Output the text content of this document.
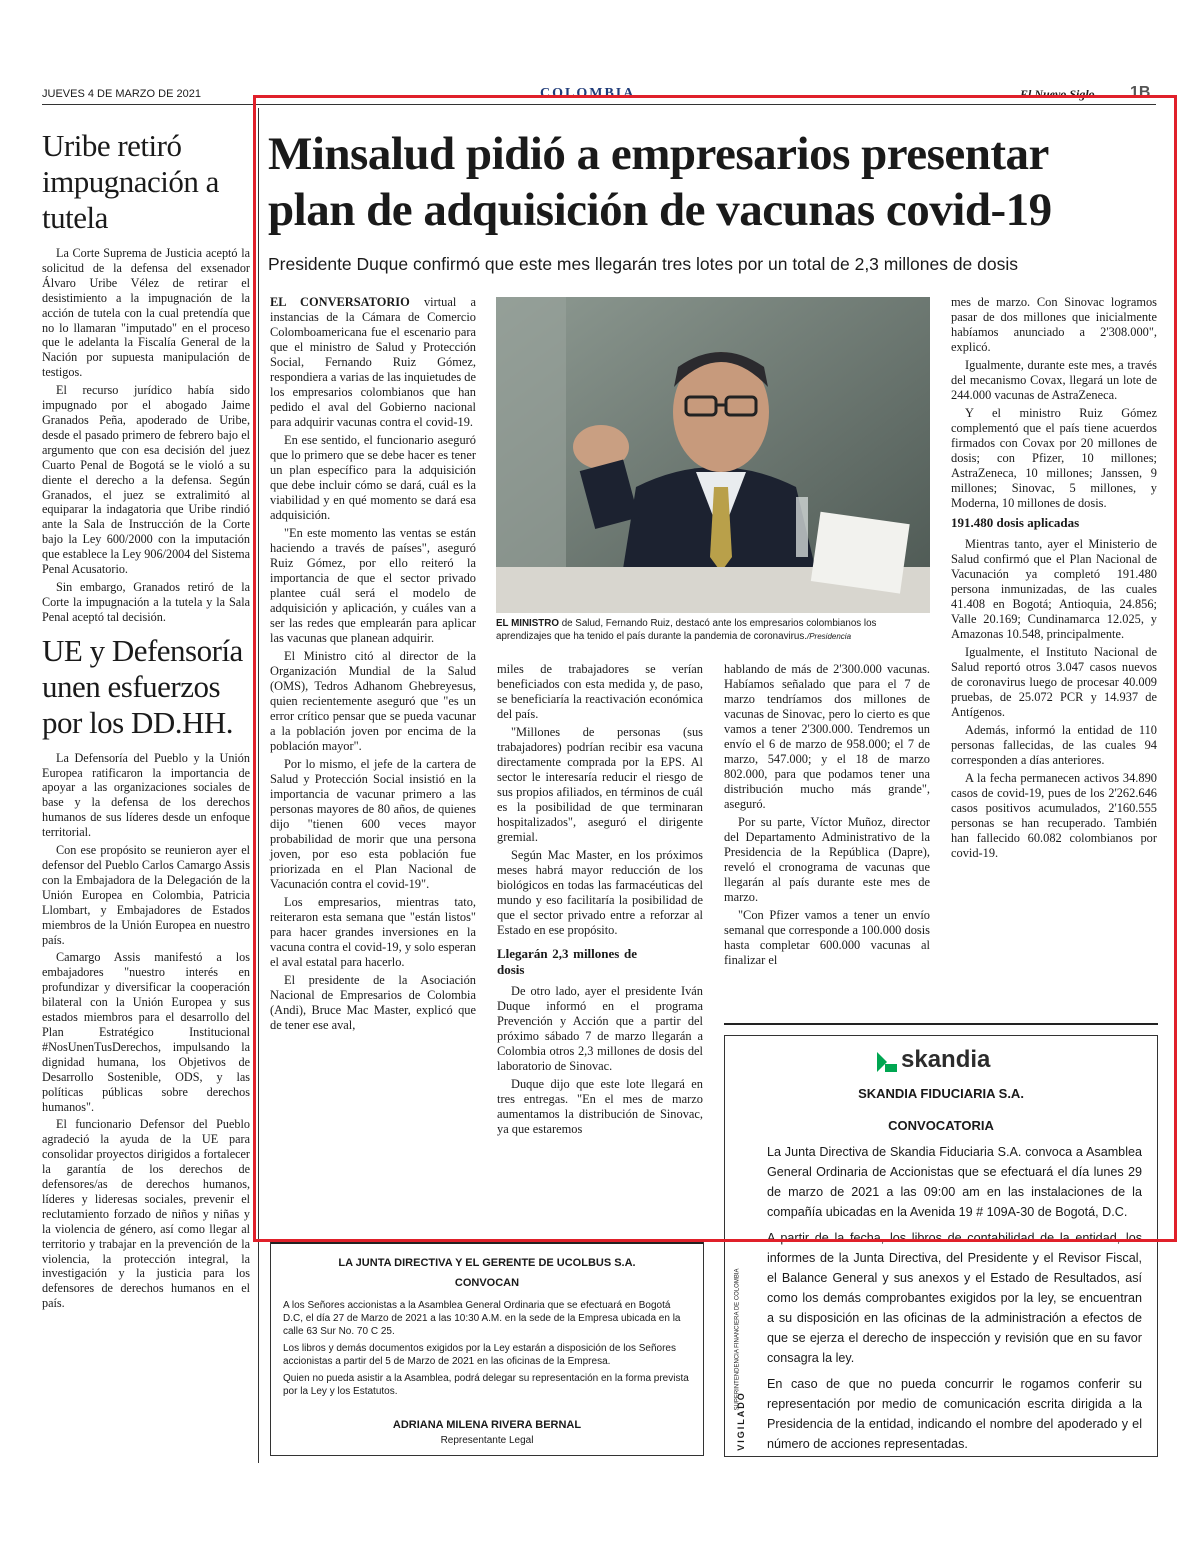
JUEVES 4 DE MARZO DE 2021	COLOMBIA	El Nuevo Siglo 1B
Uribe retiró impugnación a tutela

La Corte Suprema de Justicia aceptó la solicitud de la defensa del exsenador Álvaro Uribe Vélez de retirar el desistimiento a la impugnación de la acción de tutela con la cual pretendía que no lo llamaran "imputado" en el proceso que le adelanta la Fiscalía General de la Nación por supuesta manipulación de testigos.

El recurso jurídico había sido impugnado por el abogado Jaime Granados Peña, apoderado de Uribe, desde el pasado primero de febrero bajo el argumento que con esa decisión del juez Cuarto Penal de Bogotá se le violó a su diente el derecho a la defensa. Según Granados, el juez se extralimitó al equiparar la indagatoria que Uribe rindió ante la Sala de Instrucción de la Corte bajo la Ley 600/2000 con la imputación que establece la Ley 906/2004 del Sistema Penal Acusatorio.

Sin embargo, Granados retiró de la Corte la impugnación a la tutela y la Sala Penal aceptó tal decisión.

UE y Defensoría unen esfuerzos por los DD.HH.

La Defensoría del Pueblo y la Unión Europea ratificaron la importancia de apoyar a las organizaciones sociales de base y la defensa de los derechos humanos de sus líderes desde un enfoque territorial.

Con ese propósito se reunieron ayer el defensor del Pueblo Carlos Camargo Assis con la Embajadora de la Delegación de la Unión Europea en Colombia, Patricia Llombart, y Embajadores de Estados miembros de la Unión Europea en nuestro país.

Camargo Assis manifestó a los embajadores "nuestro interés en profundizar y diversificar la cooperación bilateral con la Unión Europea y sus estados miembros para el desarrollo del Plan Estratégico Institucional #NosUnenTusDerechos, impulsando la dignidad humana, los Objetivos de Desarrollo Sostenible, ODS, y las políticas públicas sobre derechos humanos".

El funcionario Defensor del Pueblo agradeció la ayuda de la UE para consolidar proyectos dirigidos a fortalecer la garantía de los derechos de defensores/as de derechos humanos, líderes y lideresas sociales, prevenir el reclutamiento forzado de niños y niñas y la violencia de género, así como llegar al territorio y trabajar en la prevención de la violencia, la protección integral, la investigación y la justicia para los defensores de derechos humanos en el país.

Minsalud pidió a empresarios presentar
plan de adquisición de vacunas covid-19
Presidente Duque confirmó que este mes llegarán tres lotes por un total de 2,3 millones de dosis

EL CONVERSATORIO virtual a instancias de la Cámara de Comercio Colomboamericana fue el escenario para que el ministro de Salud y Protección Social, Fernando Ruiz Gómez, respondiera a varias de las inquietudes de los empresarios colombianos que han pedido el aval del Gobierno nacional para adquirir vacunas contra el covid-19.

En ese sentido, el funcionario aseguró que lo primero que se debe hacer es tener un plan específico para la adquisición que debe incluir cómo se dará, cuál es la viabilidad y en qué momento se dará esa adquisición.

"En este momento las ventas se están haciendo a través de países", aseguró Ruiz Gómez, por ello reiteró la importancia de que el sector privado plantee cuál será el modelo de adquisición y aplicación, y cuáles van a ser las redes que emplearán para aplicar las vacunas que planean adquirir.

El Ministro citó al director de la Organización Mundial de la Salud (OMS), Tedros Adhanom Ghebreyesus, quien recientemente aseguró que "es un error crítico pensar que se pueda vacunar a la población joven por encima de la población mayor".

Por lo mismo, el jefe de la cartera de Salud y Protección Social insistió en la importancia de vacunar primero a las personas mayores de 80 años, de quienes dijo "tienen 600 veces mayor probabilidad de morir que una persona joven, por eso esta población fue priorizada en el Plan Nacional de Vacunación contra el covid-19".

Los empresarios, mientras tato, reiteraron esta semana que "están listos" para hacer grandes inversiones en la vacuna contra el covid-19, y solo esperan el aval estatal para hacerlo.

El presidente de la Asociación Nacional de Empresarios de Colombia (Andi), Bruce Mac Master, explicó que de tener ese aval,

EL MINISTRO de Salud, Fernando Ruiz, destacó ante los empresarios colombianos los aprendizajes que ha tenido el país durante la pandemia de coronavirus./Presidencia

miles de trabajadores se verían beneficiados con esta medida y, de paso, se beneficiaría la reactivación económica del país.

"Millones de personas (sus trabajadores) podrían recibir esa vacuna directamente comprada por la EPS. Al sector le interesaría reducir el riesgo de sus propios afiliados, en términos de cuál es la posibilidad de que terminaran hospitalizados", aseguró el dirigente gremial.

Según Mac Master, en los próximos meses habrá mayor reducción de los biológicos en todas las farmacéuticas del mundo y eso facilitaría la posibilidad de que el sector privado entre a reforzar al Estado en ese propósito.

Llegarán 2,3 millones de dosis

De otro lado, ayer el presidente Iván Duque informó en el programa Prevención y Acción que a partir del próximo sábado 7 de marzo llegarán a Colombia otros 2,3 millones de dosis del laboratorio de Sinovac.

Duque dijo que este lote llegará en tres entregas. "En el mes de marzo aumentamos la distribución de Sinovac, ya que estaremos

hablando de más de 2'300.000 vacunas. Habíamos señalado que para el 7 de marzo tendríamos dos millones de vacunas de Sinovac, pero lo cierto es que vamos a tener 2'300.000. Tendremos un envío el 6 de marzo de 958.000; el 7 de marzo, 547.000; y el 18 de marzo 802.000, para que podamos tener una distribución mucho más grande", aseguró.

Por su parte, Víctor Muñoz, director del Departamento Administrativo de la Presidencia de la República (Dapre), reveló el cronograma de vacunas que llegarán al país durante este mes de marzo.

"Con Pfizer vamos a tener un envío semanal que corresponde a 100.000 dosis hasta completar 600.000 vacunas al finalizar el

mes de marzo. Con Sinovac logramos pasar de dos millones que inicialmente habíamos anunciado a 2'308.000", explicó.

Igualmente, durante este mes, a través del mecanismo Covax, llegará un lote de 244.000 vacunas de AstraZeneca.

Y el ministro Ruiz Gómez complementó que el país tiene acuerdos firmados con Covax por 20 millones de dosis; con Pfizer, 10 millones; AstraZeneca, 10 millones; Janssen, 9 millones; Sinovac, 5 millones, y Moderna, 10 millones de dosis.

191.480 dosis aplicadas

Mientras tanto, ayer el Ministerio de Salud confirmó que el Plan Nacional de Vacunación ya completó 191.480 persona inmunizadas, de las cuales 41.408 en Bogotá; Antioquia, 24.856; Valle 20.169; Cundinamarca 12.025, y Amazonas 10.548, principalmente.

Igualmente, el Instituto Nacional de Salud reportó otros 3.047 casos nuevos de coronavirus luego de procesar 40.009 pruebas, de 25.072 PCR y 14.937 de Antígenos.

Además, informó la entidad de 110 personas fallecidas, de las cuales 94 corresponden a días anteriores.

A la fecha permanecen activos 34.890 casos de covid-19, pues de los 2'262.646 casos positivos acumulados, 2'160.555 personas se han recuperado. También han fallecido 60.082 colombianos por covid-19.

LA JUNTA DIRECTIVA Y EL GERENTE DE UCOLBUS S.A.
CONVOCAN

A los Señores accionistas a la Asamblea General Ordinaria que se efectuará en Bogotá D.C, el día 27 de Marzo de 2021 a las 10:30 A.M. en la sede de la Empresa ubicada en la calle 63 Sur No. 70 C 25.

Los libros y demás documentos exigidos por la Ley estarán a disposición de los Señores accionistas a partir del 5 de Marzo de 2021 en las oficinas de la Empresa.

Quien no pueda asistir a la Asamblea, podrá delegar su representación en la forma prevista por la Ley y los Estatutos.

ADRIANA MILENA RIVERA BERNAL
Representante Legal
skandia
SKANDIA FIDUCIARIA S.A.
CONVOCATORIA

La Junta Directiva de Skandia Fiduciaria S.A. convoca a Asamblea General Ordinaria de Accionistas que se efectuará el día lunes 29 de marzo de 2021 a las 09:00 am en las instalaciones de la compañía ubicadas en la Avenida 19 # 109A-30 de Bogotá, D.C.

A partir de la fecha, los libros de contabilidad de la entidad, los informes de la Junta Directiva, del Presidente y el Revisor Fiscal, el Balance General y sus anexos y el Estado de Resultados, así como los demás comprobantes exigidos por la ley, se encuentran a su disposición en las oficinas de la administración a efectos de que se ejerza el derecho de inspección y revisión que en su favor consagra la ley.

En caso de que no pueda concurrir le rogamos conferir su representación por medio de comunicación escrita dirigida a la Presidencia de la entidad, indicando el nombre del apoderado y el número de acciones representadas.

SUPERINTENDENCIA FINANCIERA DE COLOMBIA
VIGILADO
